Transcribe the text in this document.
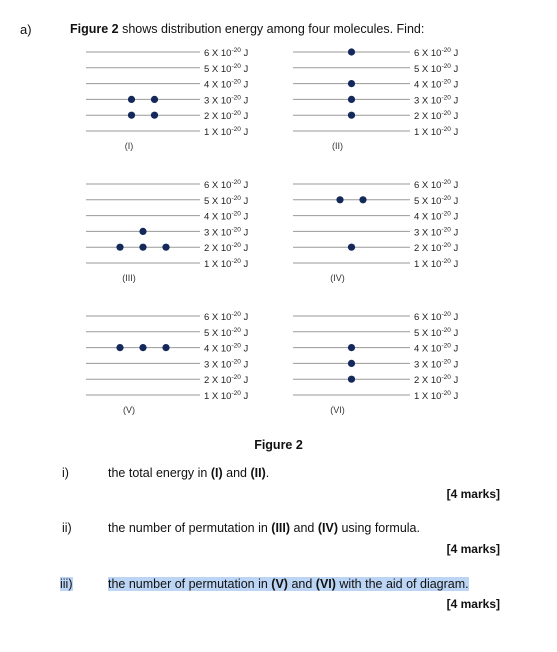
a)	Figure 2 shows distribution energy among four molecules. Find:
6 X $10^{-20}$ J
5 X $10^{-20}$ J
4 X $10^{-20}$ J
3 X $10^{-20}$ J
2 X $10^{-20}$ J
1 X $10^{-20}$ J
(I)
6 X $10^{-20}$ J
5 X $10^{-20}$ J
4 X $10^{-20}$ J
3 X $10^{-20}$ J
2 X $10^{-20}$ J
1 X $10^{-20}$ J
(II)
6 X $10^{-20}$ J
5 X $10^{-20}$ J
4 X $10^{-20}$ J
3 X $10^{-20}$ J
2 X $10^{-20}$ J
1 X $10^{-20}$ J
(III)
6 X $10^{-20}$ J
5 X $10^{-20}$ J
4 X $10^{-20}$ J
3 X $10^{-20}$ J
2 X $10^{-20}$ J
1 X $10^{-20}$ J
(IV)
6 X $10^{-20}$ J
5 X $10^{-20}$ J
4 X $10^{-20}$ J
3 X $10^{-20}$ J
2 X $10^{-20}$ J
1 X $10^{-20}$ J
(V)
6 X $10^{-20}$ J
5 X $10^{-20}$ J
4 X $10^{-20}$ J
3 X $10^{-20}$ J
2 X $10^{-20}$ J
1 X $10^{-20}$ J
(VI)
Figure 2
i)	the total energy in (I) and (II).
[4 marks]
ii)	the number of permutation in (III) and (IV) using formula.
[4 marks]
iii)	the number of permutation in (V) and (VI) with the aid of diagram.
[4 marks]
